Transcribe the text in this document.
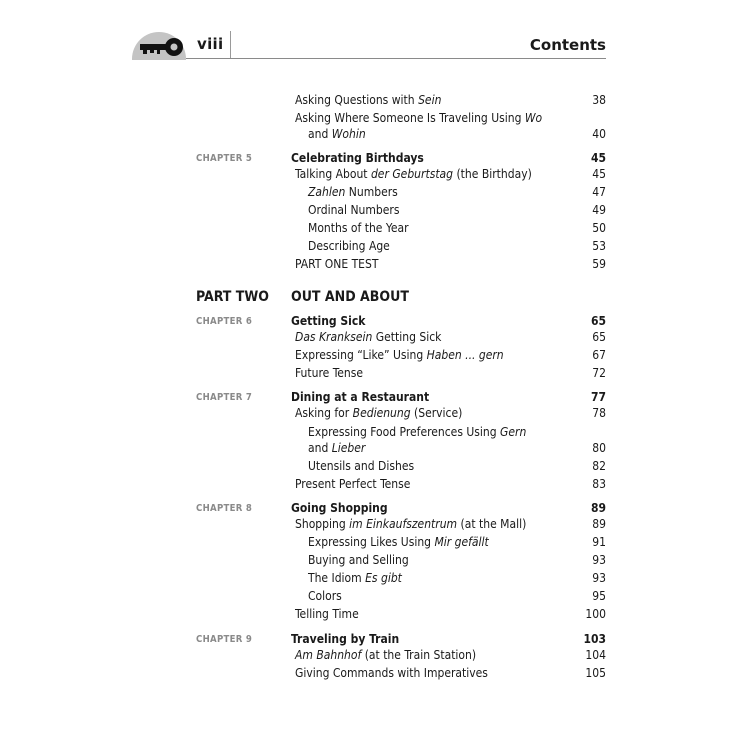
viii	Contents
Asking Questions with Sein	38
Asking Where Someone Is Traveling Using Wo
and Wohin	40
CHAPTER 5	Celebrating Birthdays	45
Talking About der Geburtstag (the Birthday)	45
Zahlen Numbers	47
Ordinal Numbers	49
Months of the Year	50
Describing Age	53
PART ONE TEST	59
PART TWO OUT AND ABOUT
CHAPTER 6	Getting Sick	65
Das Kranksein Getting Sick	65
Expressing “Like” Using Haben ... gern	67
Future Tense	72
CHAPTER 7	Dining at a Restaurant	77
Asking for Bedienung (Service)	78
Expressing Food Preferences Using Gern
and Lieber	80
Utensils and Dishes	82
Present Perfect Tense	83
CHAPTER 8	Going Shopping	89
Shopping im Einkaufszentrum (at the Mall)	89
Expressing Likes Using Mir gefällt	91
Buying and Selling	93
The Idiom Es gibt	93
Colors	95
Telling Time	100
CHAPTER 9	Traveling by Train	103
Am Bahnhof (at the Train Station)	104
Giving Commands with Imperatives	105
